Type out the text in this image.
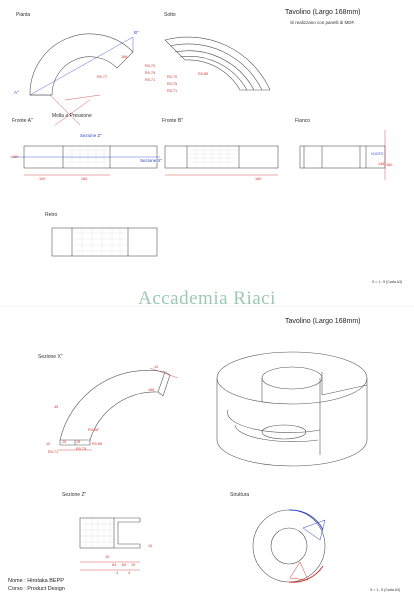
Pianta	Sotto	Tavolino (Largo 168mm)
Si realizzano con panelli di MDF.
B"
A"
Molla a Pressione
168
R0.77
R0.70
R0.75
R0.71
R0.70
R0.75
R0.71
R0.85
Fronte A"	Fronte B"	Fianco
Sezione Z"
Sezione X"
160
100	160	160
160
148
VUOTO
Retro
S = 1 : 5 (Carta A3)
Accademia Riaci
Tavolino (Largo 168mm)
Sezione X"
10
168
45
R0.58"
10	10	15
R0.71
R0.75
R0.65
Sezione Z"	Struttura
10
15
64 64 10
4	4
Nome : Hirotaka BEPP
Corso : Product Design	S = 1 : 5 (Carta A3)
